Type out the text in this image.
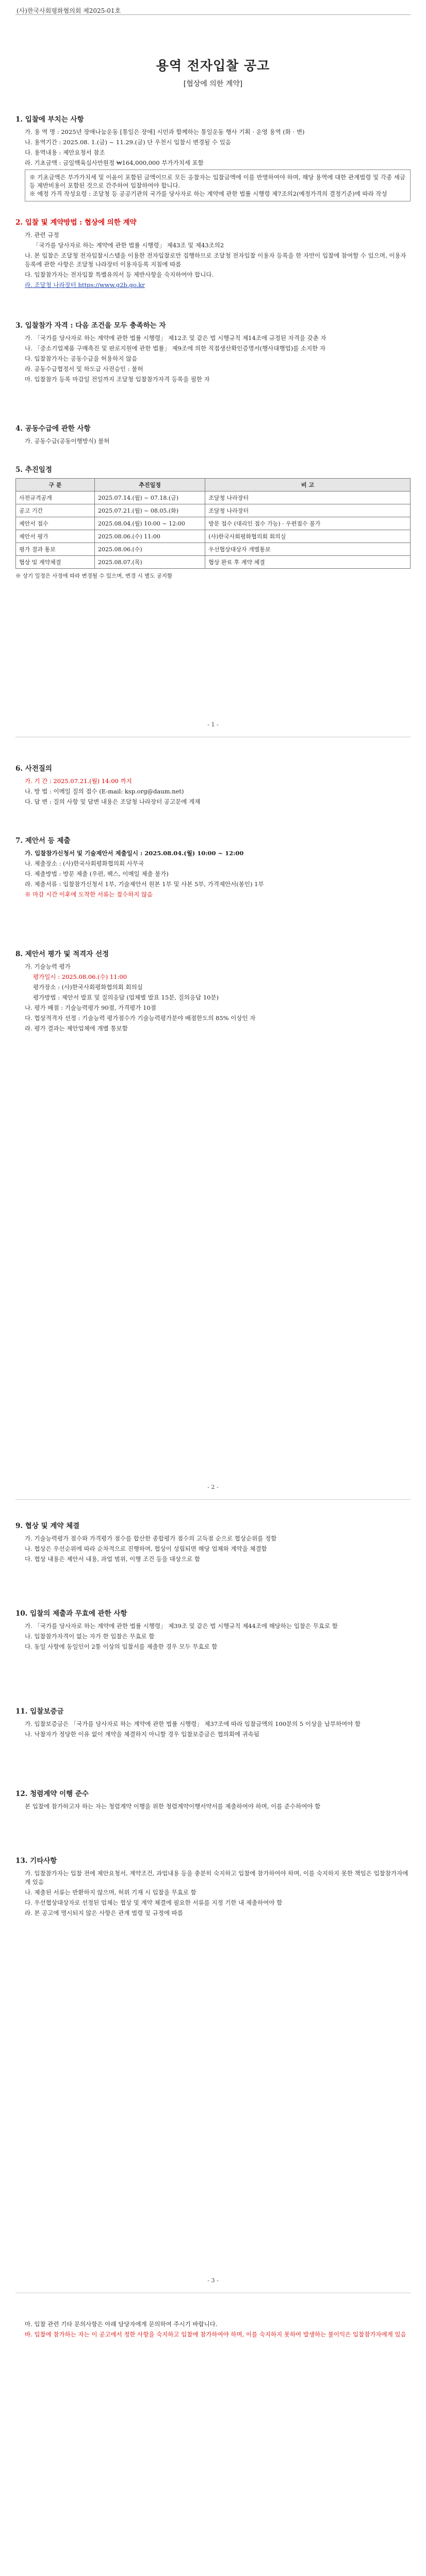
(사)한국사회평화협의회 제2025-01호
용역 전자입찰 공고
[협상에 의한 계약]
1. 입찰에 부치는 사항
가. 용 역 명 : 2025년 장애나눔운동 [통일은 장애] 시민과 함께하는 통일운동 행사 기획 · 운영 용역 (화 · 변)
나. 용역기간 : 2025.08. 1.(금) ~ 11.29.(금) 단 우천시 입찰시 변경될 수 있음
다. 용역내용 : 제안요청서 참조
라. 기초금액 : 금일백육십사만원정 ₩164,000,000 부가가치세 포함
※ 기초금액은 부가가치세 및 이윤이 포함된 금액이므로 모든 응찰자는 입찰금액에 이를 반영하여야 하며, 해당 용역에 대한 관계법령 및 각종 세금 등 제반비용이 포함된 것으로 간주하여 입찰하여야 합니다.
※ 예정 가격 작성요령 : 조달청 등 공공기관의 국가를 당사자로 하는 계약에 관한 법률 시행령 제7조의2(예정가격의 결정기준)에 따라 작성
2. 입찰 및 계약방법 : 협상에 의한 계약
가. 관련 규정
「국가를 당사자로 하는 계약에 관한 법률 시행령」 제43조 및 제43조의2
나. 본 입찰은 조달청 전자입찰시스템을 이용한 전자입찰로만 집행하므로 조달청 전자입찰 이용자 등록을 한 자만이 입찰에 참여할 수 있으며, 이용자 등록에 관한 사항은 조달청 나라장터 이용자등록 지침에 따름
다. 입찰참가자는 전자입찰 특별유의서 등 제반사항을 숙지하여야 합니다.
라. 조달청 나라장터 https://www.g2b.go.kr
3. 입찰참가 자격 : 다음 조건을 모두 충족하는 자
가. 「국가를 당사자로 하는 계약에 관한 법률 시행령」 제12조 및 같은 법 시행규칙 제14조에 규정된 자격을 갖춘 자
나. 「중소기업제품 구매촉진 및 판로지원에 관한 법률」 제9조에 의한 직접생산확인증명서(행사대행업)를 소지한 자
다. 입찰참가자는 공동수급을 허용하지 않음
라. 공동수급협정서 및 하도급 사전승인 : 불허
마. 입찰참가 등록 마감일 전일까지 조달청 입찰참가자격 등록을 필한 자
4. 공동수급에 관한 사항
가. 공동수급(공동이행방식) 불허
5. 추진일정
구 분	추진일정	비 고
사전규격공개	2025.07.14.(월) ~ 07.18.(금)	조달청 나라장터
공고 기간	2025.07.21.(월) ~ 08.05.(화)	조달청 나라장터
제안서 접수	2025.08.04.(월) 10:00 ~ 12:00	방문 접수 (대리인 접수 가능) · 우편접수 불가
제안서 평가	2025.08.06.(수) 11:00	(사)한국사회평화협의회 회의실
평가 결과 통보	2025.08.06.(수)	우선협상대상자 개별통보
협상 및 계약체결	2025.08.07.(목)	협상 완료 후 계약 체결
※ 상기 일정은 사정에 따라 변경될 수 있으며, 변경 시 별도 공지함
- 1 -
6. 사전질의
가. 기 간 : 2025.07.21.(월) 14:00 까지
나. 방 법 : 이메일 질의 접수 (E-mail: ksp.org@daum.net)
다. 답 변 : 질의 사항 및 답변 내용은 조달청 나라장터 공고문에 게재
7. 제안서 등 제출
가. 입찰참가신청서 및 기술제안서 제출일시 : 2025.08.04.(월) 10:00 ~ 12:00
나. 제출장소 : (사)한국사회평화협의회 사무국
다. 제출방법 : 방문 제출 (우편, 팩스, 이메일 제출 불가)
라. 제출서류 : 입찰참가신청서 1부, 기술제안서 원본 1부 및 사본 5부, 가격제안서(봉인) 1부
※ 마감 시간 이후에 도착한 서류는 접수하지 않음
8. 제안서 평가 및 적격자 선정
가. 기술능력 평가
평가일시 : 2025.08.06.(수) 11:00
평가장소 : (사)한국사회평화협의회 회의실
평가방법 : 제안서 발표 및 질의응답 (업체별 발표 15분, 질의응답 10분)
나. 평가 배점 : 기술능력평가 90점, 가격평가 10점
다. 협상적격자 선정 : 기술능력 평가점수가 기술능력평가분야 배점한도의 85% 이상인 자
라. 평가 결과는 제안업체에 개별 통보함
- 2 -
9. 협상 및 계약 체결
가. 기술능력평가 점수와 가격평가 점수를 합산한 종합평가 점수의 고득점 순으로 협상순위를 정함
나. 협상은 우선순위에 따라 순차적으로 진행하며, 협상이 성립되면 해당 업체와 계약을 체결함
다. 협상 내용은 제안서 내용, 과업 범위, 이행 조건 등을 대상으로 함
10. 입찰의 제출과 무효에 관한 사항
가. 「국가를 당사자로 하는 계약에 관한 법률 시행령」 제39조 및 같은 법 시행규칙 제44조에 해당하는 입찰은 무효로 함
나. 입찰참가자격이 없는 자가 한 입찰은 무효로 함
다. 동일 사항에 동일인이 2통 이상의 입찰서를 제출한 경우 모두 무효로 함
11. 입찰보증금
가. 입찰보증금은 「국가를 당사자로 하는 계약에 관한 법률 시행령」 제37조에 따라 입찰금액의 100분의 5 이상을 납부하여야 함
나. 낙찰자가 정당한 이유 없이 계약을 체결하지 아니할 경우 입찰보증금은 협의회에 귀속됨
12. 청렴계약 이행 준수
본 입찰에 참가하고자 하는 자는 청렴계약 이행을 위한 청렴계약이행서약서를 제출하여야 하며, 이를 준수하여야 함
13. 기타사항
가. 입찰참가자는 입찰 전에 제안요청서, 계약조건, 과업내용 등을 충분히 숙지하고 입찰에 참가하여야 하며, 이를 숙지하지 못한 책임은 입찰참가자에게 있음
나. 제출된 서류는 반환하지 않으며, 허위 기재 시 입찰을 무효로 함
다. 우선협상대상자로 선정된 업체는 협상 및 계약 체결에 필요한 서류를 지정 기한 내 제출하여야 함
라. 본 공고에 명시되지 않은 사항은 관계 법령 및 규정에 따름
- 3 -
마. 입찰 관련 기타 문의사항은 아래 담당자에게 문의하여 주시기 바랍니다.
바. 입찰에 참가하는 자는 이 공고에서 정한 사항을 숙지하고 입찰에 참가하여야 하며, 이를 숙지하지 못하여 발생하는 불이익은 입찰참가자에게 있음
